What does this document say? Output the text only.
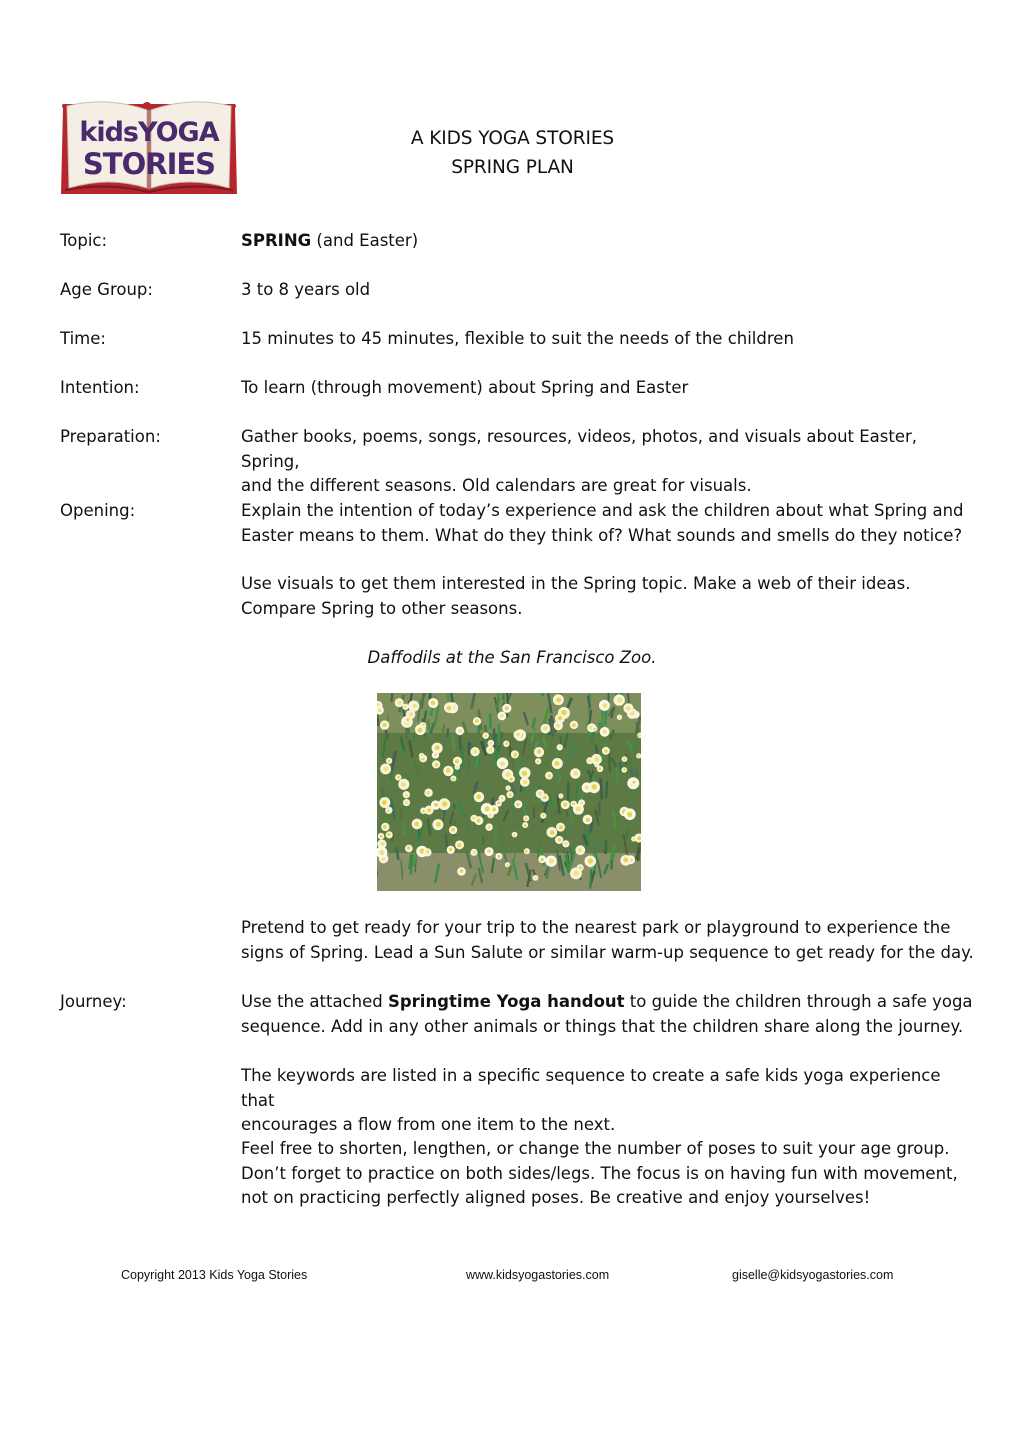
kidsYOGA
STORIES
A KIDS YOGA STORIES
SPRING PLAN
Topic:	SPRING (and Easter)
Age Group:	3 to 8 years old
Time:	15 minutes to 45 minutes, flexible to suit the needs of the children
Intention:	To learn (through movement) about Spring and Easter
Preparation:	Gather books, poems, songs, resources, videos, photos, and visuals about Easter, Spring,

and the different seasons. Old calendars are great for visuals.

Opening:	Explain the intention of today’s experience and ask the children about what Spring and

Easter means to them. What do they think of? What sounds and smells do they notice?

Use visuals to get them interested in the Spring topic. Make a web of their ideas.

Compare Spring to other seasons.

Daffodils at the San Francisco Zoo.

Pretend to get ready for your trip to the nearest park or playground to experience the

signs of Spring. Lead a Sun Salute or similar warm-up sequence to get ready for the day.

Journey:	Use the attached Springtime Yoga handout to guide the children through a safe yoga

sequence. Add in any other animals or things that the children share along the journey.

The keywords are listed in a specific sequence to create a safe kids yoga experience that

encourages a flow from one item to the next.

Feel free to shorten, lengthen, or change the number of poses to suit your age group.

Don’t forget to practice on both sides/legs. The focus is on having fun with movement,

not on practicing perfectly aligned poses. Be creative and enjoy yourselves!

Copyright 2013 Kids Yoga Stories	www.kidsyogastories.com	giselle@kidsyogastories.com
